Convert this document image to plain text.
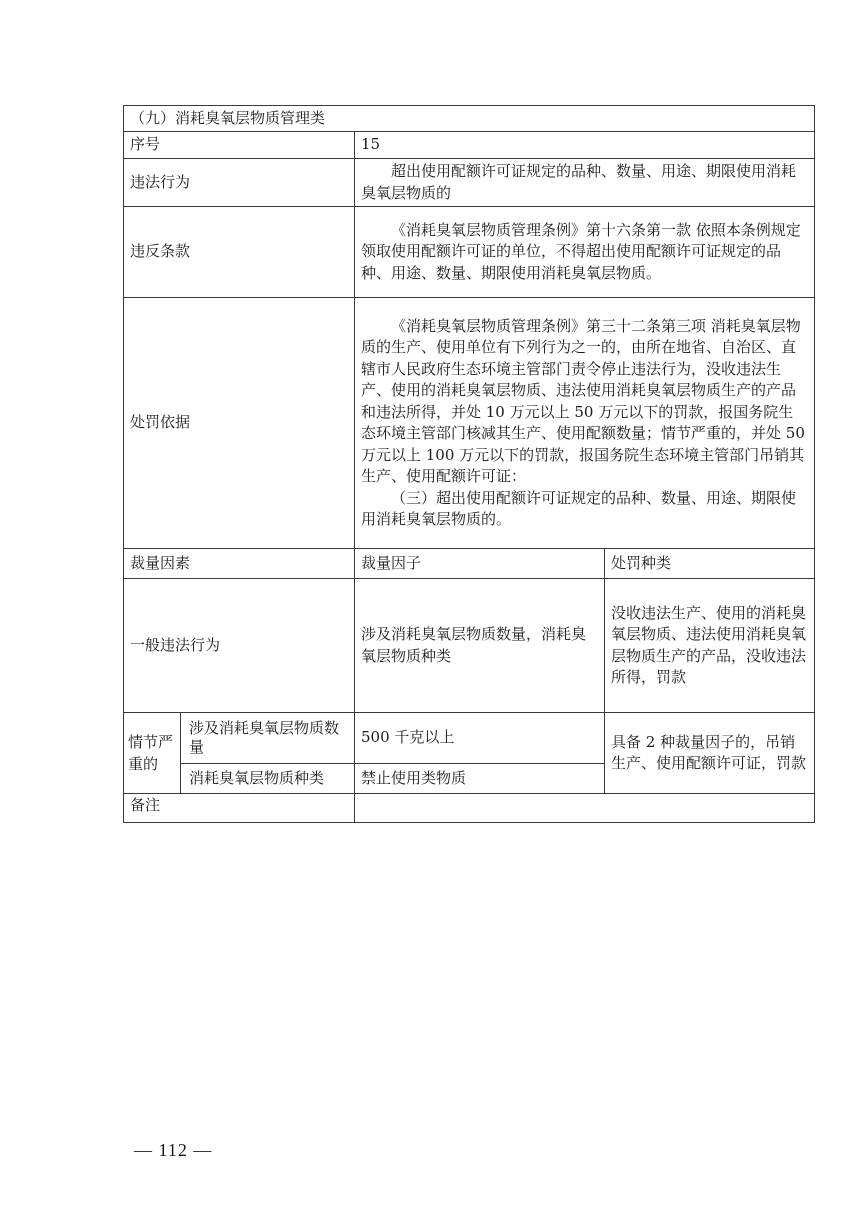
（九）消耗臭氧层物质管理类			
序号		15	
违法行为		超出使用配额许可证规定的品种、数量、用途、期限使用消耗臭氧层物质的	
违反条款		《消耗臭氧层物质管理条例》第十六条第一款 依照本条例规定领取使用配额许可证的单位，不得超出使用配额许可证规定的品种、用途、数量、期限使用消耗臭氧层物质。	
处罚依据		《消耗臭氧层物质管理条例》第三十二条第三项 消耗臭氧层物质的生产、使用单位有下列行为之一的，由所在地省、自治区、直辖市人民政府生态环境主管部门责令停止违法行为，没收违法生产、使用的消耗臭氧层物质、违法使用消耗臭氧层物质生产的产品和违法所得，并处 10 万元以上 50 万元以下的罚款，报国务院生态环境主管部门核减其生产、使用配额数量；情节严重的，并处 50 万元以上 100 万元以下的罚款，报国务院生态环境主管部门吊销其生产、使用配额许可证：
（三）超出使用配额许可证规定的品种、数量、用途、期限使用消耗臭氧层物质的。	

裁量因素		裁量因子	处罚种类
一般违法行为		涉及消耗臭氧层物质数量，消耗臭氧层物质种类	没收违法生产、使用的消耗臭氧层物质、违法使用消耗臭氧层物质生产的产品，没收违法所得，罚款
情节严重的	涉及消耗臭氧层物质数量	500 千克以上	具备 2 种裁量因子的，吊销生产、使用配额许可证，罚款
	消耗臭氧层物质种类	禁止使用类物质	
备注			
— 112 —
